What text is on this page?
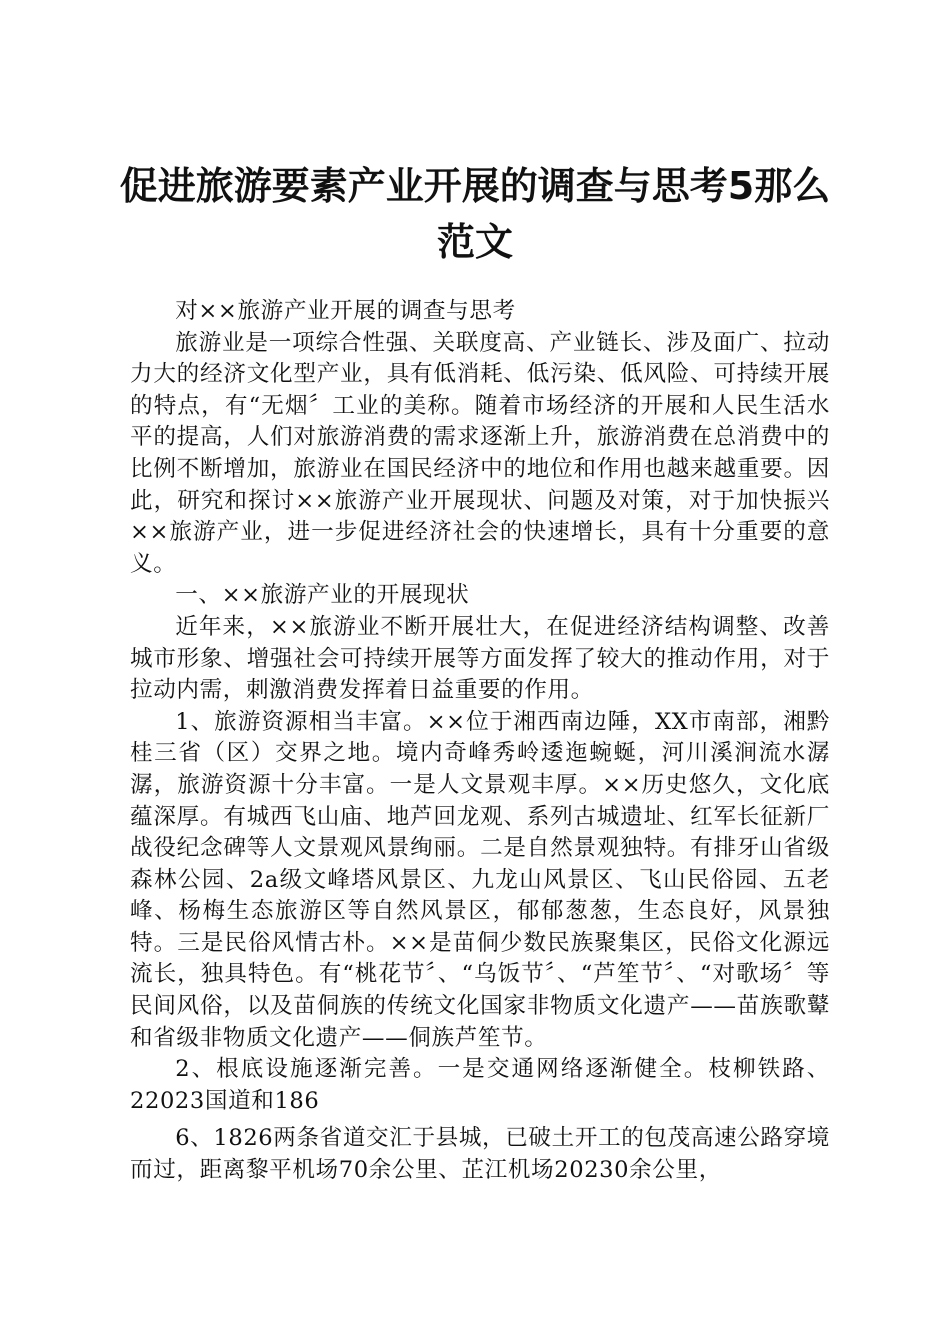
促进旅游要素产业开展的调查与思考5那么范文

对××旅游产业开展的调查与思考

旅游业是一项综合性强、关联度高、产业链长、涉及面广、拉动力大的经济文化型产业，具有低消耗、低污染、低风险、可持续开展的特点，有“无烟〞工业的美称。随着市场经济的开展和人民生活水平的提高，人们对旅游消费的需求逐渐上升，旅游消费在总消费中的比例不断增加，旅游业在国民经济中的地位和作用也越来越重要。因此，研究和探讨××旅游产业开展现状、问题及对策，对于加快振兴××旅游产业，进一步促进经济社会的快速增长，具有十分重要的意义。

一、××旅游产业的开展现状

近年来，××旅游业不断开展壮大，在促进经济结构调整、改善城市形象、增强社会可持续开展等方面发挥了较大的推动作用，对于拉动内需，刺激消费发挥着日益重要的作用。

1、旅游资源相当丰富。××位于湘西南边陲，XX市南部，湘黔桂三省（区）交界之地。境内奇峰秀岭逶迤蜿蜒，河川溪涧流水潺潺，旅游资源十分丰富。一是人文景观丰厚。××历史悠久，文化底蕴深厚。有城西飞山庙、地芦回龙观、系列古城遗址、红军长征新厂战役纪念碑等人文景观风景绚丽。二是自然景观独特。有排牙山省级森林公园、2a级文峰塔风景区、九龙山风景区、飞山民俗园、五老峰、杨梅生态旅游区等自然风景区，郁郁葱葱，生态良好，风景独特。三是民俗风情古朴。××是苗侗少数民族聚集区，民俗文化源远流长，独具特色。有“桃花节〞、“乌饭节〞、“芦笙节〞、“对歌场〞等民间风俗，以及苗侗族的传统文化国家非物质文化遗产——苗族歌鼙和省级非物质文化遗产——侗族芦笙节。

2、根底设施逐渐完善。一是交通网络逐渐健全。枝柳铁路、22023国道和186

6、1826两条省道交汇于县城，已破土开工的包茂高速公路穿境而过，距离黎平机场70余公里、芷江机场20230余公里，
